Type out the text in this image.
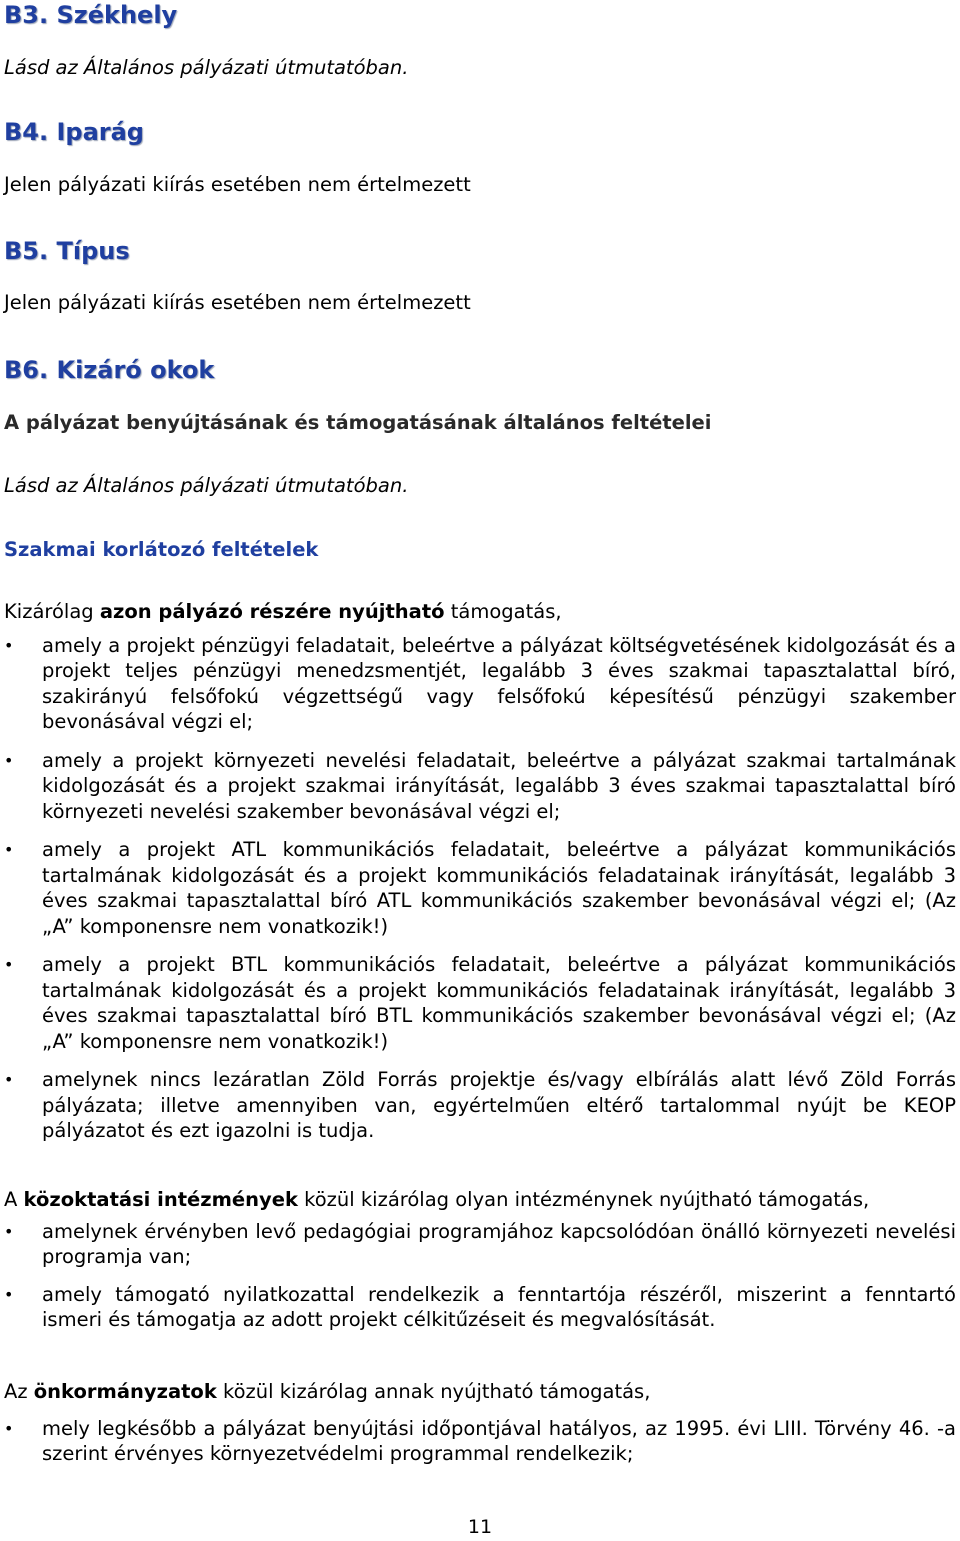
B3. Székhely

Lásd az Általános pályázati útmutatóban.

B4. Iparág

Jelen pályázati kiírás esetében nem értelmezett

B5. Típus

Jelen pályázati kiírás esetében nem értelmezett

B6. Kizáró okok

A pályázat benyújtásának és támogatásának általános feltételei

Lásd az Általános pályázati útmutatóban.

Szakmai korlátozó feltételek

Kizárólag azon pályázó részére nyújtható támogatás,

• amely a projekt pénzügyi feladatait, beleértve a pályázat költségvetésének kidolgozását és a projekt teljes pénzügyi menedzsmentjét, legalább 3 éves szakmai tapasztalattal bíró, szakirányú felsőfokú végzettségű vagy felsőfokú képesítésű pénzügyi szakember bevonásával végzi el;
• amely a projekt környezeti nevelési feladatait, beleértve a pályázat szakmai tartalmának kidolgozását és a projekt szakmai irányítását, legalább 3 éves szakmai tapasztalattal bíró környezeti nevelési szakember bevonásával végzi el;
• amely a projekt ATL kommunikációs feladatait, beleértve a pályázat kommunikációs tartalmának kidolgozását és a projekt kommunikációs feladatainak irányítását, legalább 3 éves szakmai tapasztalattal bíró ATL kommunikációs szakember bevonásával végzi el; (Az „A” komponensre nem vonatkozik!)
• amely a projekt BTL kommunikációs feladatait, beleértve a pályázat kommunikációs tartalmának kidolgozását és a projekt kommunikációs feladatainak irányítását, legalább 3 éves szakmai tapasztalattal bíró BTL kommunikációs szakember bevonásával végzi el; (Az „A” komponensre nem vonatkozik!)
• amelynek nincs lezáratlan Zöld Forrás projektje és/vagy elbírálás alatt lévő Zöld Forrás pályázata; illetve amennyiben van, egyértelműen eltérő tartalommal nyújt be KEOP pályázatot és ezt igazolni is tudja.

A közoktatási intézmények közül kizárólag olyan intézménynek nyújtható támogatás,

• amelynek érvényben levő pedagógiai programjához kapcsolódóan önálló környezeti nevelési programja van;
• amely támogató nyilatkozattal rendelkezik a fenntartója részéről, miszerint a fenntartó ismeri és támogatja az adott projekt célkitűzéseit és megvalósítását.

Az önkormányzatok közül kizárólag annak nyújtható támogatás,

• mely legkésőbb a pályázat benyújtási időpontjával hatályos, az 1995. évi LIII. Törvény 46. -a szerint érvényes környezetvédelmi programmal rendelkezik;
11
